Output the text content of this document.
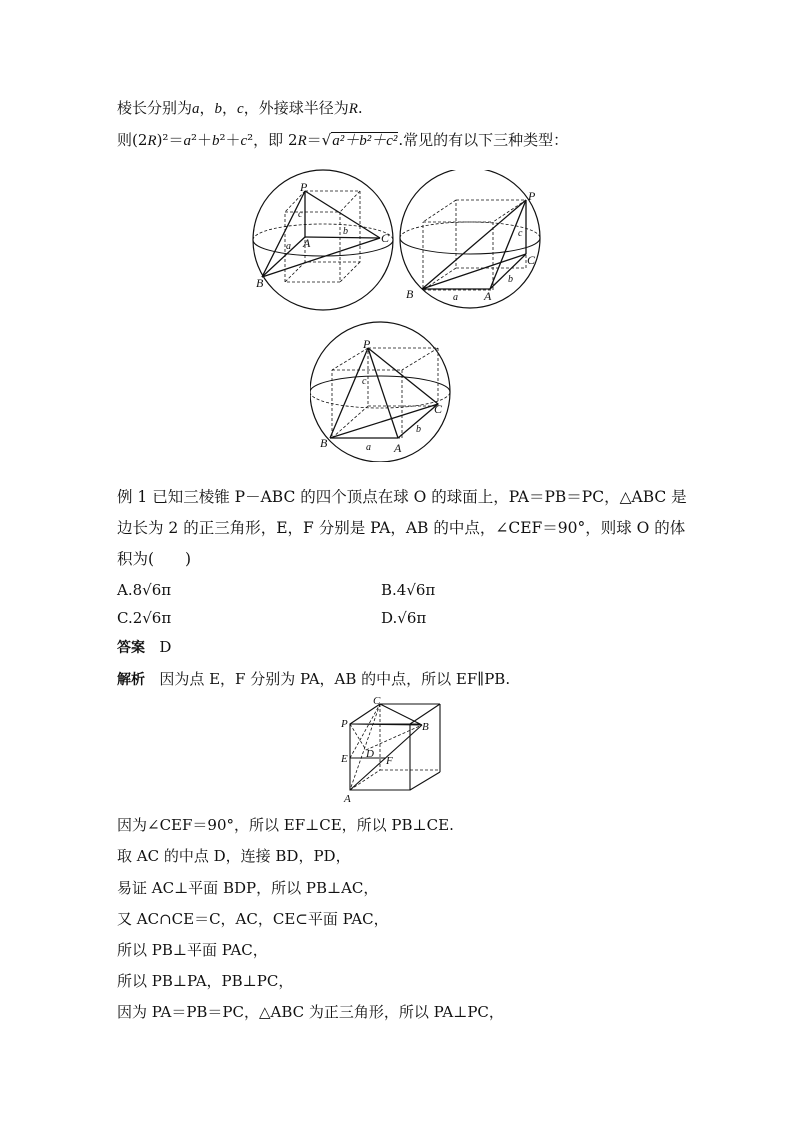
棱长分别为a，b，c，外接球半径为R.
则(2R)²＝a²＋b²＋c²，即 2R＝√a²＋b²＋c².常见的有以下三种类型：
P
A	C
B
c
a
b
P
C
B	A
c
b
a
P
C
B	A
c
b
a
例 1 已知三棱锥 P－ABC 的四个顶点在球 O 的球面上，PA＝PB＝PC，△ABC 是
边长为 2 的正三角形，E，F 分别是 PA，AB 的中点，∠CEF＝90°，则球 O 的体
积为(　　)
A.8√6π	B.4√6π
C.2√6π	D.√6π
答案 D
解析 因为点 E，F 分别为 PA，AB 的中点，所以 EF∥PB.
C
P	B
D
E	F
A
因为∠CEF＝90°，所以 EF⊥CE，所以 PB⊥CE.
取 AC 的中点 D，连接 BD，PD，
易证 AC⊥平面 BDP，所以 PB⊥AC，
又 AC∩CE＝C，AC，CE⊂平面 PAC，
所以 PB⊥平面 PAC，
所以 PB⊥PA，PB⊥PC，
因为 PA＝PB＝PC，△ABC 为正三角形，所以 PA⊥PC，
